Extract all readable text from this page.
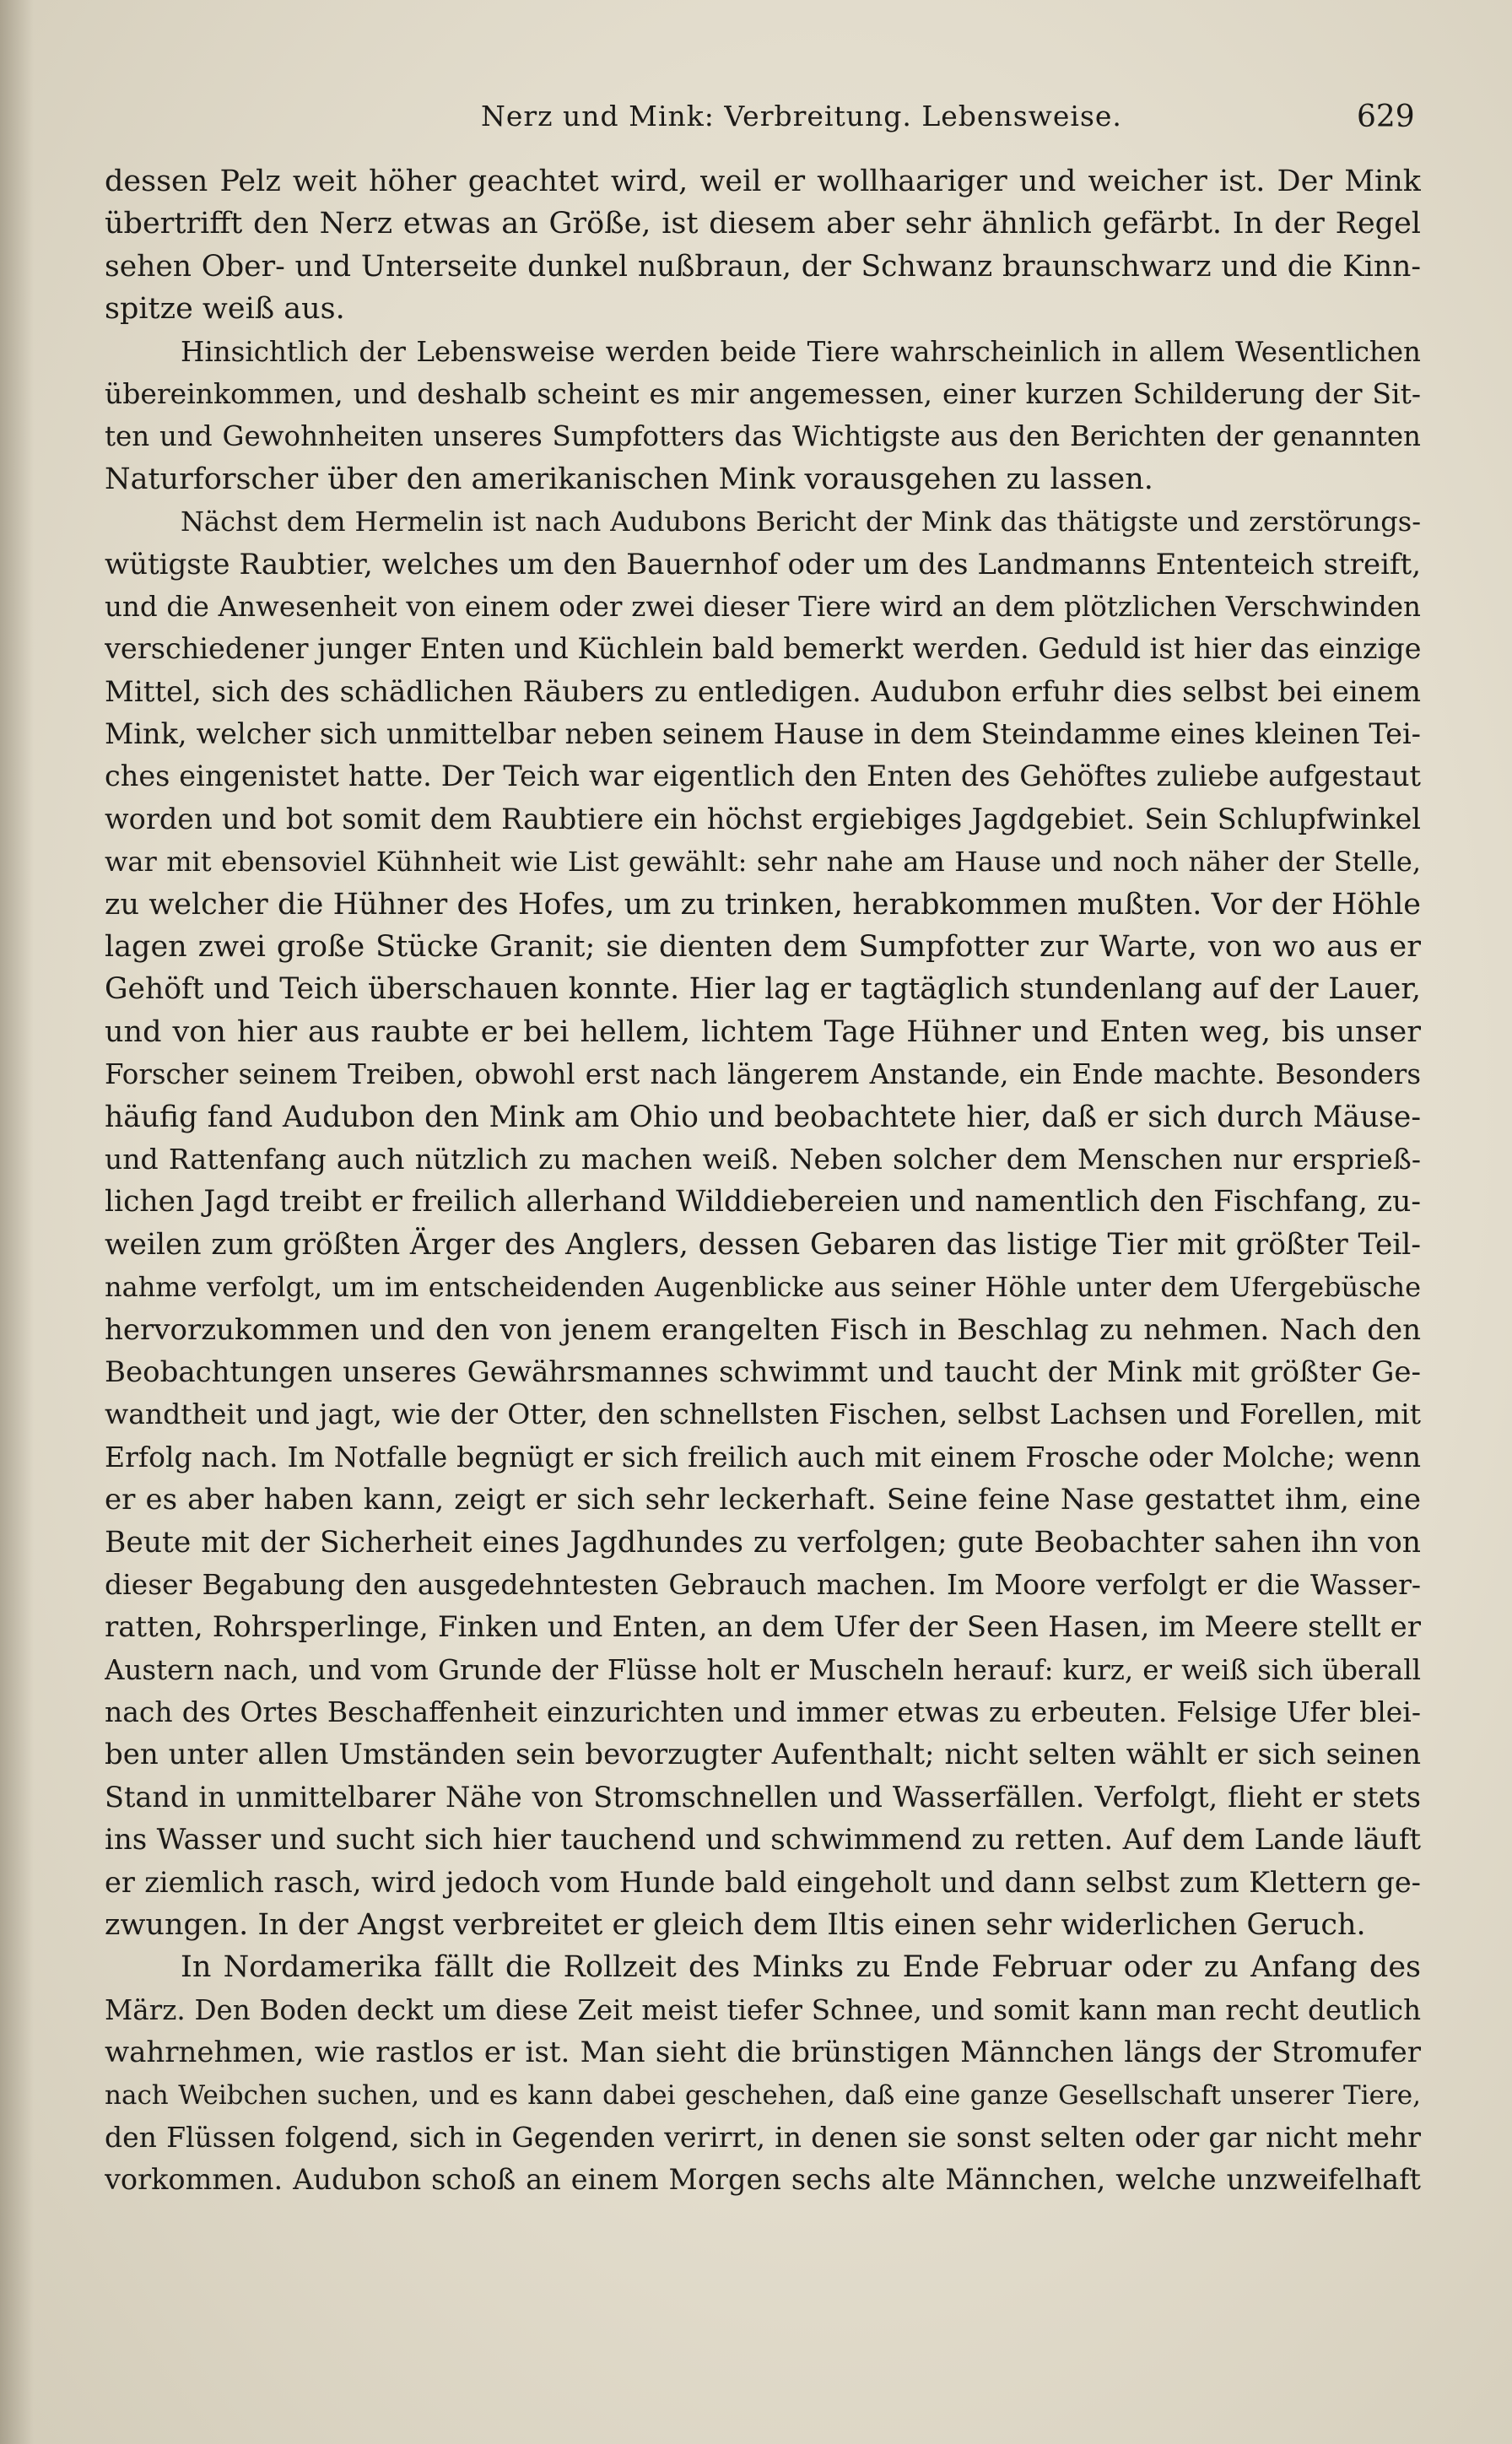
Nerz und Mink: Verbreitung. Lebensweise.	629
dessen Pelz weit höher geachtet wird, weil er wollhaariger und weicher ist. Der Mink
übertrifft den Nerz etwas an Größe, ist diesem aber sehr ähnlich gefärbt. In der Regel
sehen Ober- und Unterseite dunkel nußbraun, der Schwanz braunschwarz und die Kinn-
spitze weiß aus.
Hinsichtlich der Lebensweise werden beide Tiere wahrscheinlich in allem Wesentlichen
übereinkommen, und deshalb scheint es mir angemessen, einer kurzen Schilderung der Sit-
ten und Gewohnheiten unseres Sumpfotters das Wichtigste aus den Berichten der genannten
Naturforscher über den amerikanischen Mink vorausgehen zu lassen.
Nächst dem Hermelin ist nach Audubons Bericht der Mink das thätigste und zerstörungs-
wütigste Raubtier, welches um den Bauernhof oder um des Landmanns Ententeich streift,
und die Anwesenheit von einem oder zwei dieser Tiere wird an dem plötzlichen Verschwinden
verschiedener junger Enten und Küchlein bald bemerkt werden. Geduld ist hier das einzige
Mittel, sich des schädlichen Räubers zu entledigen. Audubon erfuhr dies selbst bei einem
Mink, welcher sich unmittelbar neben seinem Hause in dem Steindamme eines kleinen Tei-
ches eingenistet hatte. Der Teich war eigentlich den Enten des Gehöftes zuliebe aufgestaut
worden und bot somit dem Raubtiere ein höchst ergiebiges Jagdgebiet. Sein Schlupfwinkel
war mit ebensoviel Kühnheit wie List gewählt: sehr nahe am Hause und noch näher der Stelle,
zu welcher die Hühner des Hofes, um zu trinken, herabkommen mußten. Vor der Höhle
lagen zwei große Stücke Granit; sie dienten dem Sumpfotter zur Warte, von wo aus er
Gehöft und Teich überschauen konnte. Hier lag er tagtäglich stundenlang auf der Lauer,
und von hier aus raubte er bei hellem, lichtem Tage Hühner und Enten weg, bis unser
Forscher seinem Treiben, obwohl erst nach längerem Anstande, ein Ende machte. Besonders
häufig fand Audubon den Mink am Ohio und beobachtete hier, daß er sich durch Mäuse-
und Rattenfang auch nützlich zu machen weiß. Neben solcher dem Menschen nur ersprieß-
lichen Jagd treibt er freilich allerhand Wilddiebereien und namentlich den Fischfang, zu-
weilen zum größten Ärger des Anglers, dessen Gebaren das listige Tier mit größter Teil-
nahme verfolgt, um im entscheidenden Augenblicke aus seiner Höhle unter dem Ufergebüsche
hervorzukommen und den von jenem erangelten Fisch in Beschlag zu nehmen. Nach den
Beobachtungen unseres Gewährsmannes schwimmt und taucht der Mink mit größter Ge-
wandtheit und jagt, wie der Otter, den schnellsten Fischen, selbst Lachsen und Forellen, mit
Erfolg nach. Im Notfalle begnügt er sich freilich auch mit einem Frosche oder Molche; wenn
er es aber haben kann, zeigt er sich sehr leckerhaft. Seine feine Nase gestattet ihm, eine
Beute mit der Sicherheit eines Jagdhundes zu verfolgen; gute Beobachter sahen ihn von
dieser Begabung den ausgedehntesten Gebrauch machen. Im Moore verfolgt er die Wasser-
ratten, Rohrsperlinge, Finken und Enten, an dem Ufer der Seen Hasen, im Meere stellt er
Austern nach, und vom Grunde der Flüsse holt er Muscheln herauf: kurz, er weiß sich überall
nach des Ortes Beschaffenheit einzurichten und immer etwas zu erbeuten. Felsige Ufer blei-
ben unter allen Umständen sein bevorzugter Aufenthalt; nicht selten wählt er sich seinen
Stand in unmittelbarer Nähe von Stromschnellen und Wasserfällen. Verfolgt, flieht er stets
ins Wasser und sucht sich hier tauchend und schwimmend zu retten. Auf dem Lande läuft
er ziemlich rasch, wird jedoch vom Hunde bald eingeholt und dann selbst zum Klettern ge-
zwungen. In der Angst verbreitet er gleich dem Iltis einen sehr widerlichen Geruch.
In Nordamerika fällt die Rollzeit des Minks zu Ende Februar oder zu Anfang des
März. Den Boden deckt um diese Zeit meist tiefer Schnee, und somit kann man recht deutlich
wahrnehmen, wie rastlos er ist. Man sieht die brünstigen Männchen längs der Stromufer
nach Weibchen suchen, und es kann dabei geschehen, daß eine ganze Gesellschaft unserer Tiere,
den Flüssen folgend, sich in Gegenden verirrt, in denen sie sonst selten oder gar nicht mehr
vorkommen. Audubon schoß an einem Morgen sechs alte Männchen, welche unzweifelhaft
